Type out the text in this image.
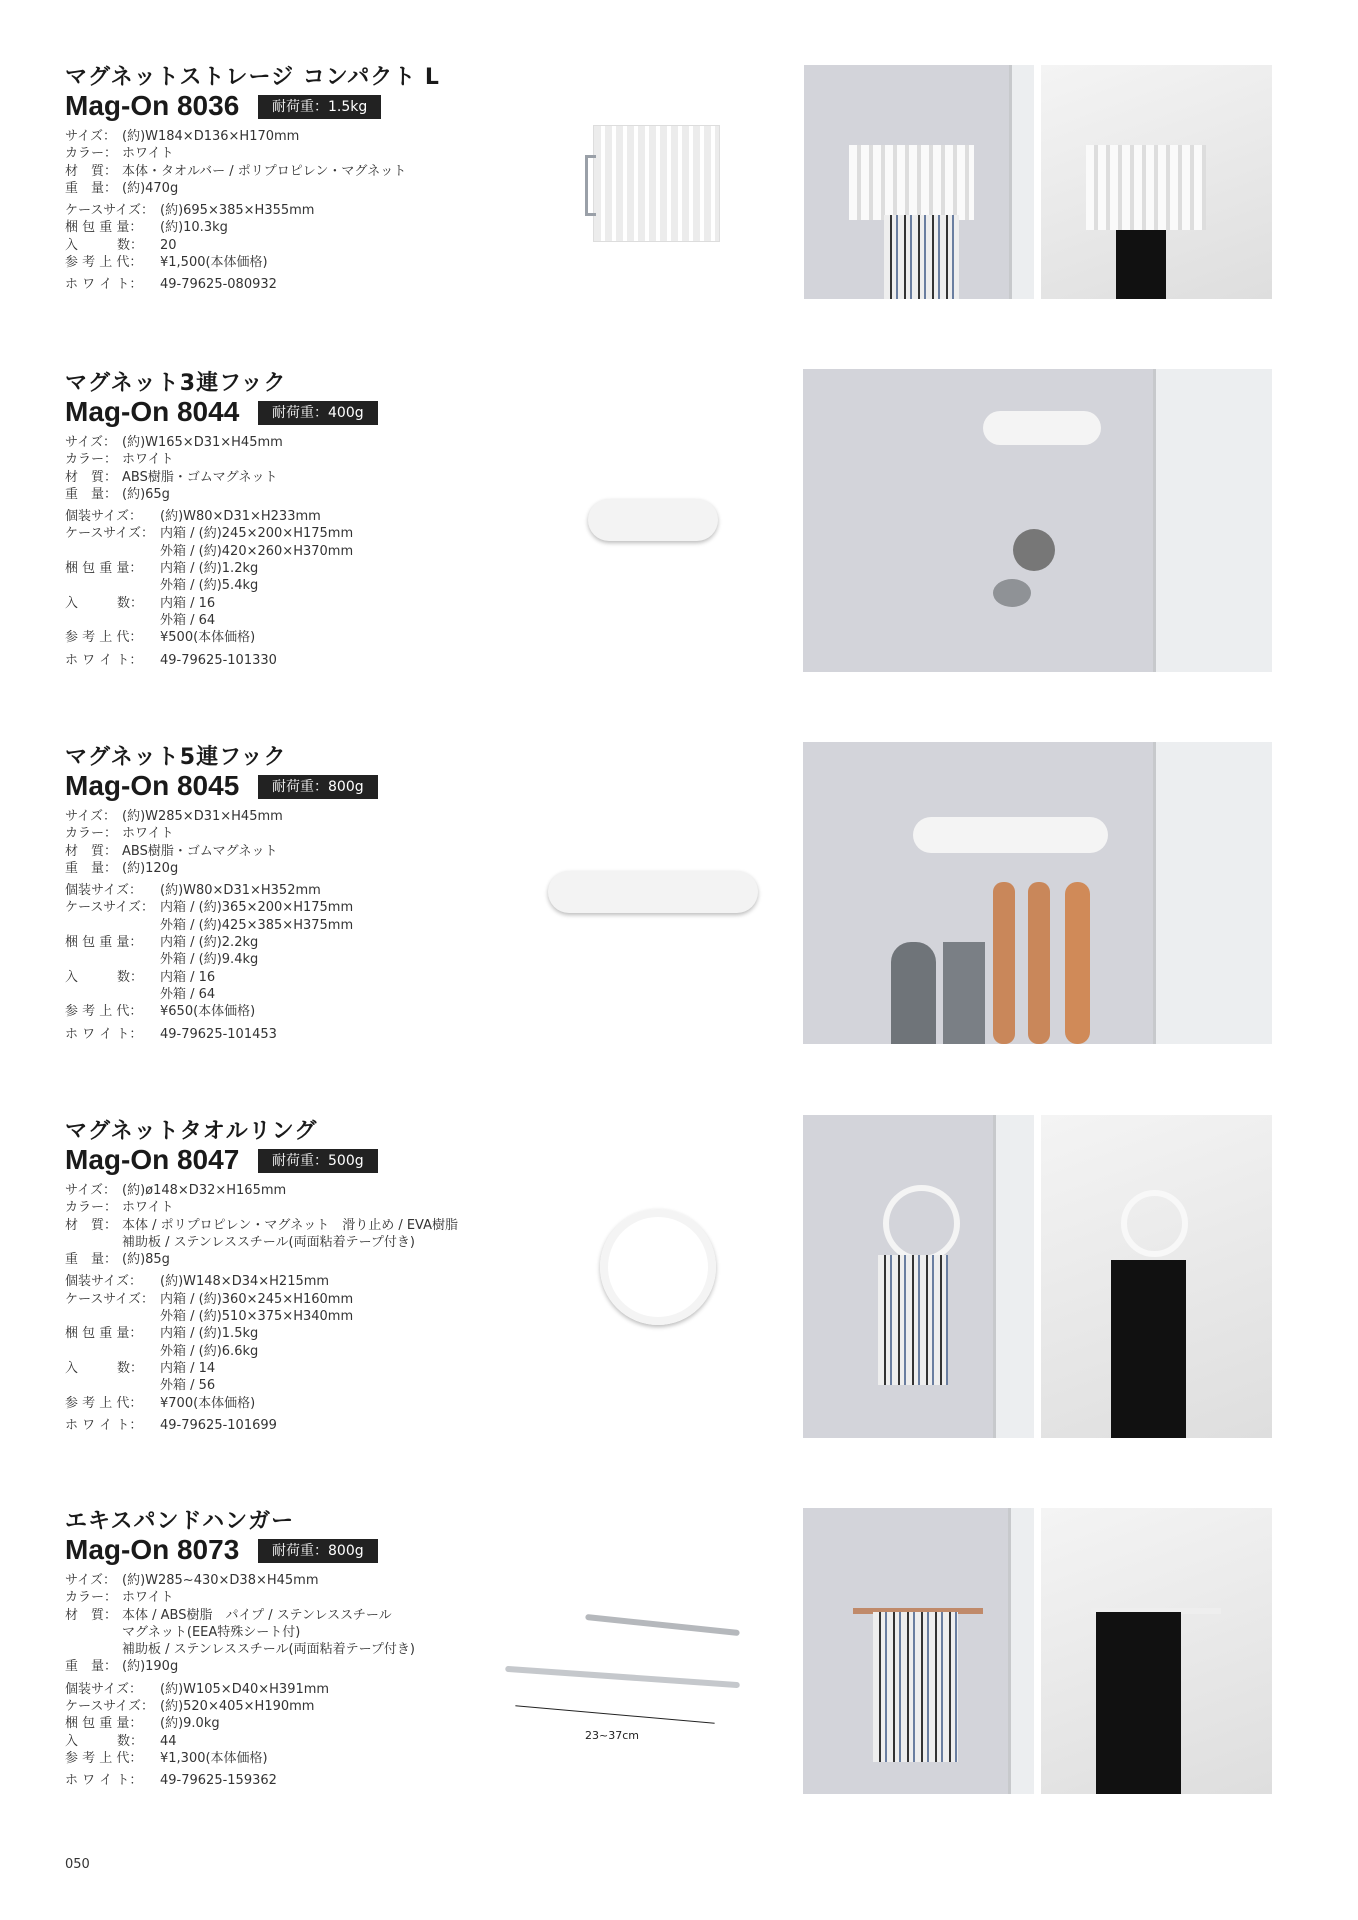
マグネットストレージ コンパクト L
Mag-On 8036	耐荷重：1.5kg
サイズ： (約)W184×D136×H170mm
カラー： ホワイト
材　質： 本体・タオルバー / ポリプロピレン・マグネット
重　量： (約)470g
ケースサイズ： (約)695×385×H355mm
梱 包 重 量：	(約)10.3kg
入　　　数：	20
参 考 上 代：	¥1,500(本体価格)
ホ ワ イ ト：	49-79625-080932
マグネット3連フック
Mag-On 8044	耐荷重：400g
サイズ： (約)W165×D31×H45mm
カラー： ホワイト
材　質： ABS樹脂・ゴムマグネット
重　量： (約)65g
個装サイズ：	(約)W80×D31×H233mm
ケースサイズ： 内箱 / (約)245×200×H175mm
外箱 / (約)420×260×H370mm
梱 包 重 量：	内箱 / (約)1.2kg
外箱 / (約)5.4kg
入　　　数：	内箱 / 16
外箱 / 64
参 考 上 代：	¥500(本体価格)
ホ ワ イ ト：	49-79625-101330
マグネット5連フック
Mag-On 8045	耐荷重：800g
サイズ： (約)W285×D31×H45mm
カラー： ホワイト
材　質： ABS樹脂・ゴムマグネット
重　量： (約)120g
個装サイズ：	(約)W80×D31×H352mm
ケースサイズ： 内箱 / (約)365×200×H175mm
外箱 / (約)425×385×H375mm
梱 包 重 量：	内箱 / (約)2.2kg
外箱 / (約)9.4kg
入　　　数：	内箱 / 16
外箱 / 64
参 考 上 代：	¥650(本体価格)
ホ ワ イ ト：	49-79625-101453
マグネットタオルリング
Mag-On 8047	耐荷重：500g
サイズ： (約)ø148×D32×H165mm
カラー： ホワイト
材　質： 本体 / ポリプロピレン・マグネット　滑り止め / EVA樹脂
補助板 / ステンレススチール(両面粘着テープ付き)
重　量： (約)85g
個装サイズ：	(約)W148×D34×H215mm
ケースサイズ： 内箱 / (約)360×245×H160mm
外箱 / (約)510×375×H340mm
梱 包 重 量：	内箱 / (約)1.5kg
外箱 / (約)6.6kg
入　　　数：	内箱 / 14
外箱 / 56
参 考 上 代：	¥700(本体価格)
ホ ワ イ ト：	49-79625-101699
エキスパンドハンガー
Mag-On 8073	耐荷重：800g
サイズ： (約)W285~430×D38×H45mm
カラー： ホワイト
材　質： 本体 / ABS樹脂　パイプ / ステンレススチール
マグネット(EEA特殊シート付)
補助板 / ステンレススチール(両面粘着テープ付き)
重　量： (約)190g
個装サイズ：	(約)W105×D40×H391mm
ケースサイズ： (約)520×405×H190mm
梱 包 重 量：	(約)9.0kg
入　　　数：	44
参 考 上 代：	¥1,300(本体価格)
ホ ワ イ ト：	49-79625-159362
23~37cm
050
